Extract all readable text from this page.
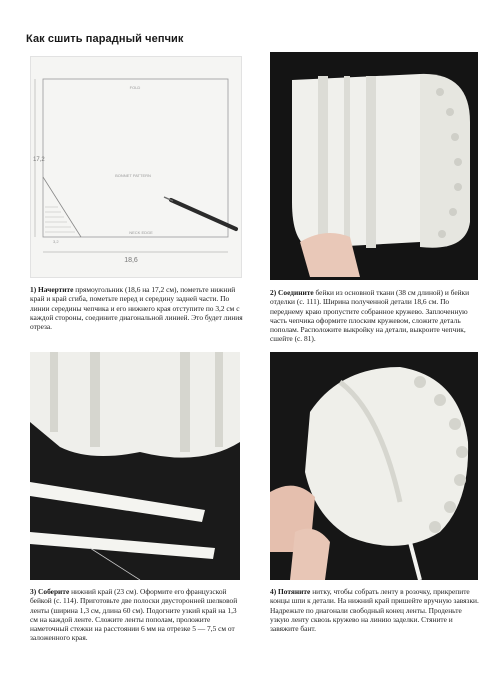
Как сшить парадный чепчик
18,6
17,2
FOLD
BONNET PATTERN
NECK EDGE
3,2
1) Начертите прямоугольник (18,6 на 17,2 см), пометьте нижний край и край сгиба, пометьте перед и середину задней части. По линии середины чепчика и его нижнего края отступите по 3,2 см с каждой стороны, соедините диагональной линией. Это будет линия отреза.
2) Соедините бейки из основной ткани (38 см длиной) и бейки отделки (с. 111). Ширина полученной детали 18,6 см. По переднему краю пропустите собранное кружево. Заплоченную часть чепчика оформите плоским кружевом, сложите деталь пополам. Расположите выкройку на детали, выкроите чепчик, сшейте (с. 81).
3) Соберите нижний край (23 см). Оформите его французской бейкой (с. 114). Приготовьте две полоски двусторонней шелковой ленты (ширина 1,3 см, длина 60 см). Подогните узкий край на 1,3 см на каждой ленте. Сложите ленты пополам, проложите наметочный стежки на расстоянии 6 мм на отрезке 5 — 7,5 см от заложенного края.
4) Потяните нитку, чтобы собрать ленту в розочку, прикрепите концы шпи к детали. На нижний край пришейте вручную завязки. Надрежьте по диагонали свободный конец ленты. Проденьте узкую ленту сквозь кружево на линию заделки. Стяните и завяжите бант.
